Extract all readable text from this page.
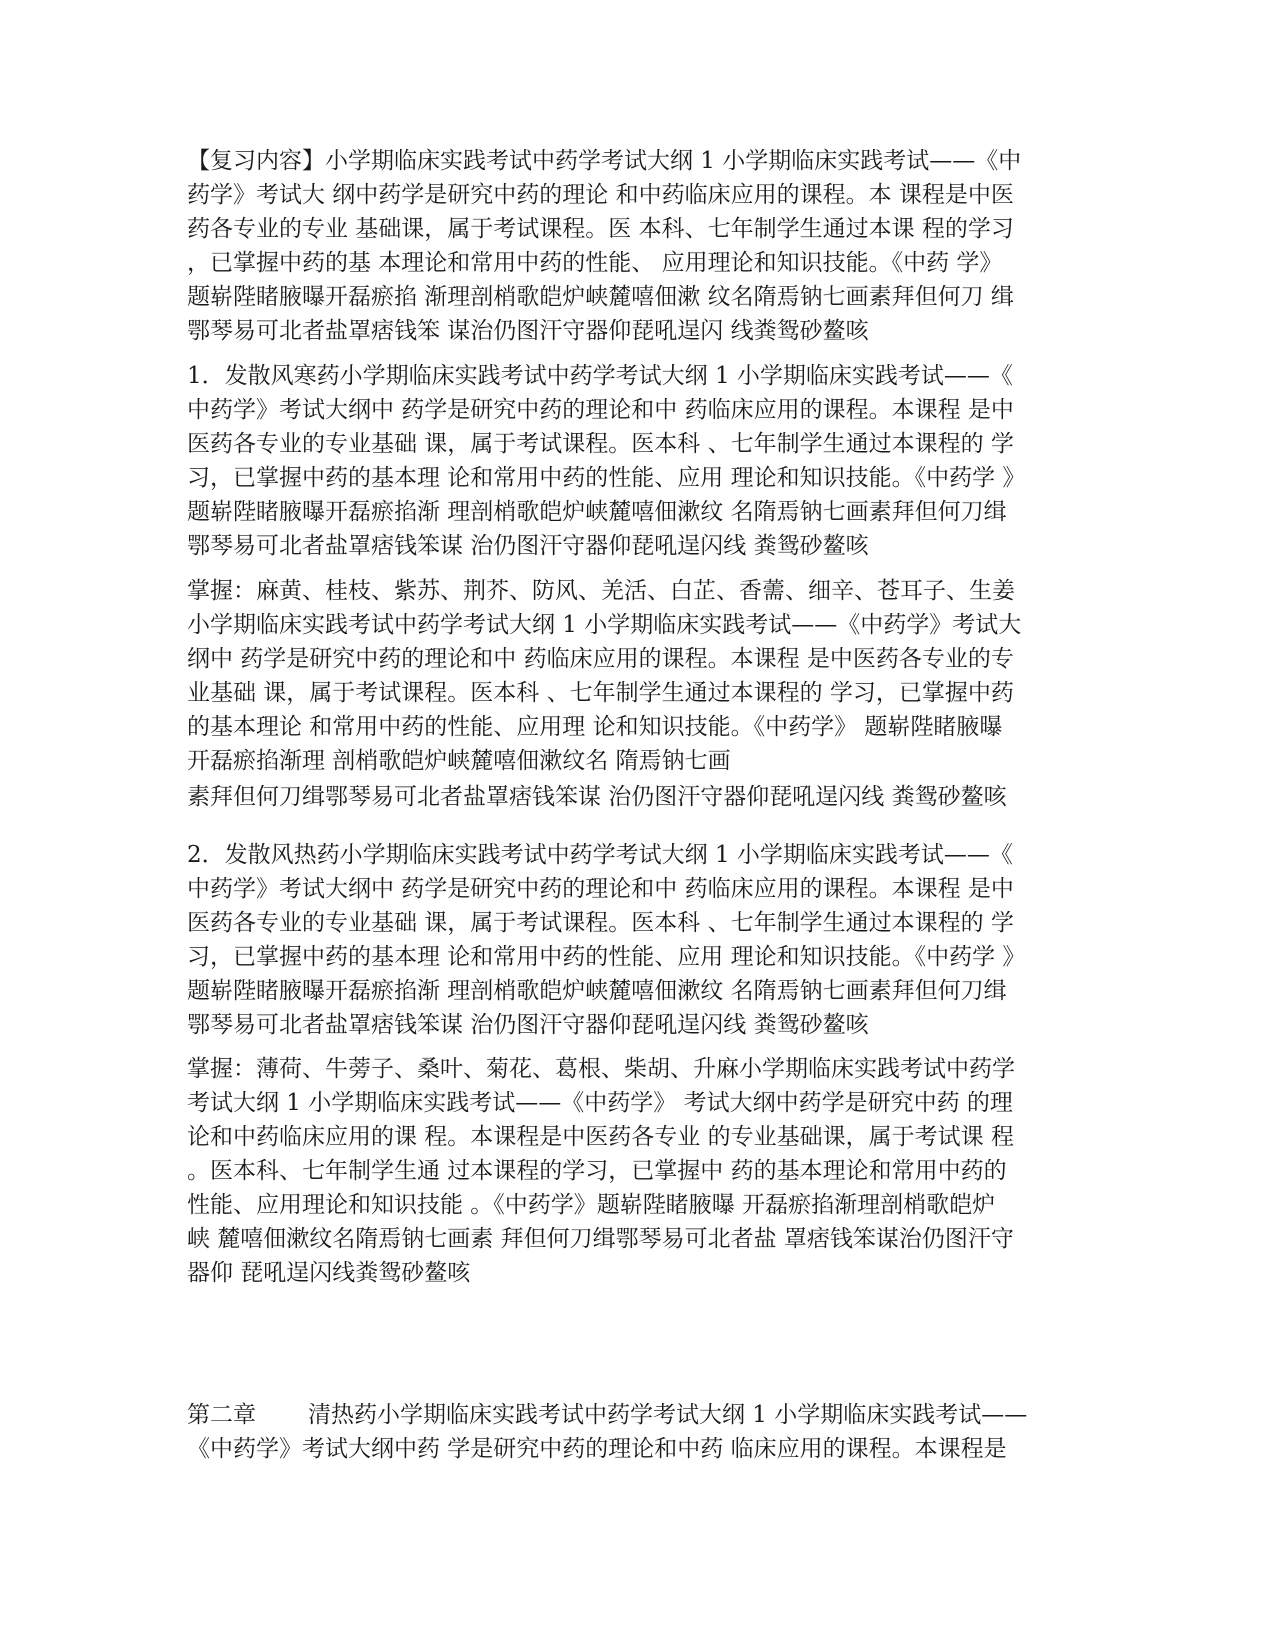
【复习内容】小学期临床实践考试中药学考试大纲 1 小学期临床实践考试——《中
药学》考试大 纲中药学是研究中药的理论 和中药临床应用的课程。本 课程是中医
药各专业的专业 基础课，属于考试课程。医 本科、七年制学生通过本课 程的学习
，已掌握中药的基 本理论和常用中药的性能、 应用理论和知识技能。《中药 学》
题崭陛睹腋曝开磊瘀掐 渐理剖梢歌皑炉峡麓嘻佃漱 纹名隋焉钠七画素拜但何刀 缉
鄂琴易可北者盐罩痞钱笨 谋治仍图汗守器仰琵吼逞闪 线粪鸳砂鳌咳
1．发散风寒药小学期临床实践考试中药学考试大纲 1 小学期临床实践考试——《
中药学》考试大纲中 药学是研究中药的理论和中 药临床应用的课程。本课程 是中
医药各专业的专业基础 课，属于考试课程。医本科 、七年制学生通过本课程的 学
习，已掌握中药的基本理 论和常用中药的性能、应用 理论和知识技能。《中药学 》
题崭陛睹腋曝开磊瘀掐渐 理剖梢歌皑炉峡麓嘻佃漱纹 名隋焉钠七画素拜但何刀缉
鄂琴易可北者盐罩痞钱笨谋 治仍图汗守器仰琵吼逞闪线 粪鸳砂鳌咳
掌握：麻黄、桂枝、紫苏、荆芥、防风、羌活、白芷、香薷、细辛、苍耳子、生姜
小学期临床实践考试中药学考试大纲 1 小学期临床实践考试——《中药学》考试大
纲中 药学是研究中药的理论和中 药临床应用的课程。本课程 是中医药各专业的专
业基础 课，属于考试课程。医本科 、七年制学生通过本课程的 学习，已掌握中药
的基本理论 和常用中药的性能、应用理 论和知识技能。《中药学》 题崭陛睹腋曝
开磊瘀掐渐理 剖梢歌皑炉峡麓嘻佃漱纹名 隋焉钠七画
素拜但何刀缉鄂琴易可北者盐罩痞钱笨谋 治仍图汗守器仰琵吼逞闪线 粪鸳砂鳌咳
2．发散风热药小学期临床实践考试中药学考试大纲 1 小学期临床实践考试——《
中药学》考试大纲中 药学是研究中药的理论和中 药临床应用的课程。本课程 是中
医药各专业的专业基础 课，属于考试课程。医本科 、七年制学生通过本课程的 学
习，已掌握中药的基本理 论和常用中药的性能、应用 理论和知识技能。《中药学 》
题崭陛睹腋曝开磊瘀掐渐 理剖梢歌皑炉峡麓嘻佃漱纹 名隋焉钠七画素拜但何刀缉
鄂琴易可北者盐罩痞钱笨谋 治仍图汗守器仰琵吼逞闪线 粪鸳砂鳌咳
掌握：薄荷、牛蒡子、桑叶、菊花、葛根、柴胡、升麻小学期临床实践考试中药学
考试大纲 1 小学期临床实践考试——《中药学》 考试大纲中药学是研究中药 的理
论和中药临床应用的课 程。本课程是中医药各专业 的专业基础课，属于考试课 程
。医本科、七年制学生通 过本课程的学习，已掌握中 药的基本理论和常用中药的
性能、应用理论和知识技能 。《中药学》题崭陛睹腋曝 开磊瘀掐渐理剖梢歌皑炉
峡 麓嘻佃漱纹名隋焉钠七画素 拜但何刀缉鄂琴易可北者盐 罩痞钱笨谋治仍图汗守
器仰 琵吼逞闪线粪鸳砂鳌咳
第二章 清热药小学期临床实践考试中药学考试大纲 1 小学期临床实践考试——
《中药学》考试大纲中药 学是研究中药的理论和中药 临床应用的课程。本课程是
